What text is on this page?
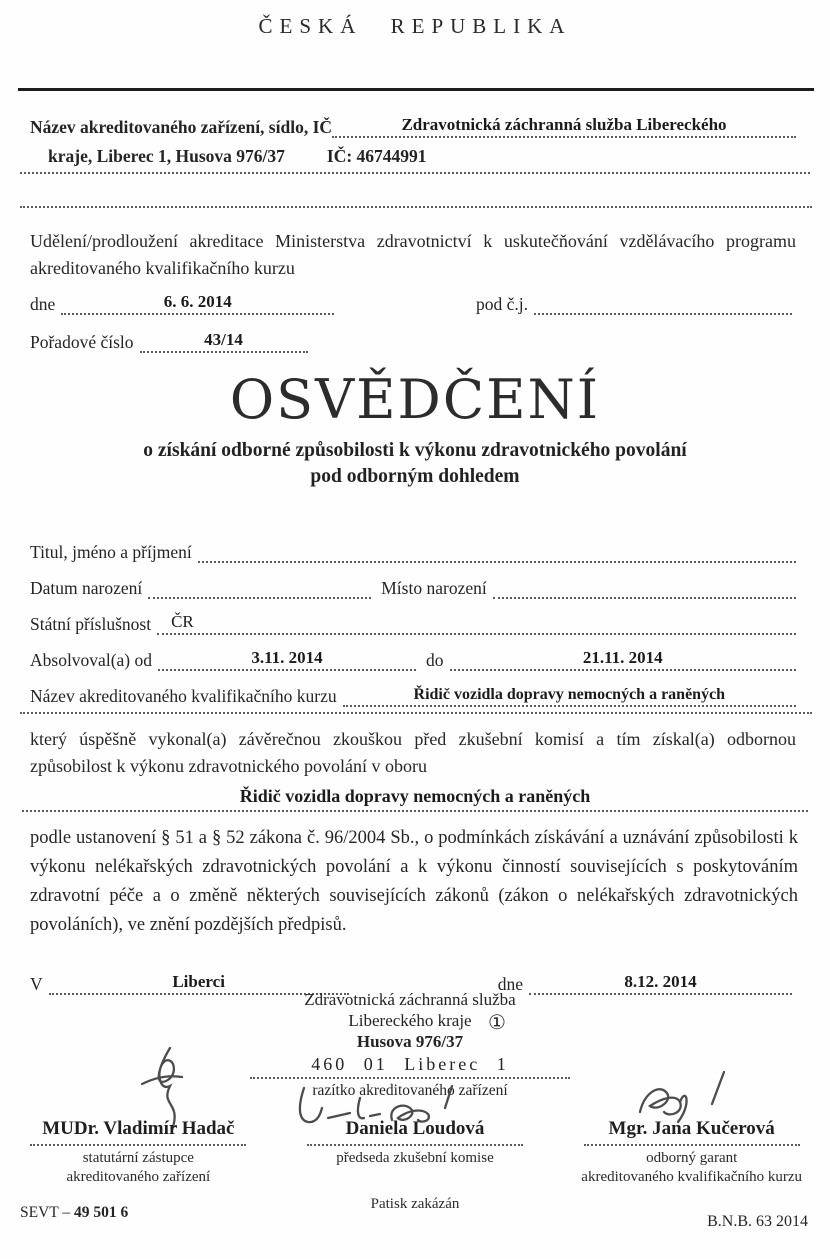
ČESKÁ REPUBLIKA
Název akreditovaného zařízení, sídlo, IČ	Zdravotnická záchranná služba Libereckého
kraje, Liberec 1, Husova 976/37 IČ: 46744991
Udělení/prodloužení akreditace Ministerstva zdravotnictví k uskutečňování vzdělávacího programu akreditovaného kvalifikačního kurzu
dne	6. 6. 2014	pod č.j.
Pořadové číslo	43/14
OSVĚDČENÍ
o získání odborné způsobilosti k výkonu zdravotnického povolání
pod odborným dohledem
Titul, jméno a příjmení
Datum narození	Místo narození
Státní příslušnost	ČR
Absolvoval(a) od	3.11. 2014	do	21.11. 2014
Název akreditovaného kvalifikačního kurzu	Řidič vozidla dopravy nemocných a raněných
který úspěšně vykonal(a) závěrečnou zkouškou před zkušební komisí a tím získal(a) odbornou způsobilost k výkonu zdravotnického povolání v oboru
Řidič vozidla dopravy nemocných a raněných
podle ustanovení § 51 a § 52 zákona č. 96/2004 Sb., o podmínkách získávání a uznávání způsobilosti k výkonu nelékařských zdravotnických povolání a k výkonu činností souvisejících s poskytováním zdravotní péče a o změně některých souvisejících zákonů (zákon o nelékařských zdravotnických povoláních), ve znění pozdějších předpisů.
V	Liberci	dne	8.12. 2014
Zdravotnická záchranná služba
Libereckého kraje
Husova 976/37
460 01 Liberec 1
razítko akreditovaného zařízení
①
MUDr. Vladimír Hadač
statutární zástupce
akreditovaného zařízení
Daniela Loudová
předseda zkušební komise
Mgr. Jana Kučerová
odborný garant
akreditovaného kvalifikačního kurzu
Patisk zakázán
SEVT – 49 501 6
B.N.B. 63 2014
